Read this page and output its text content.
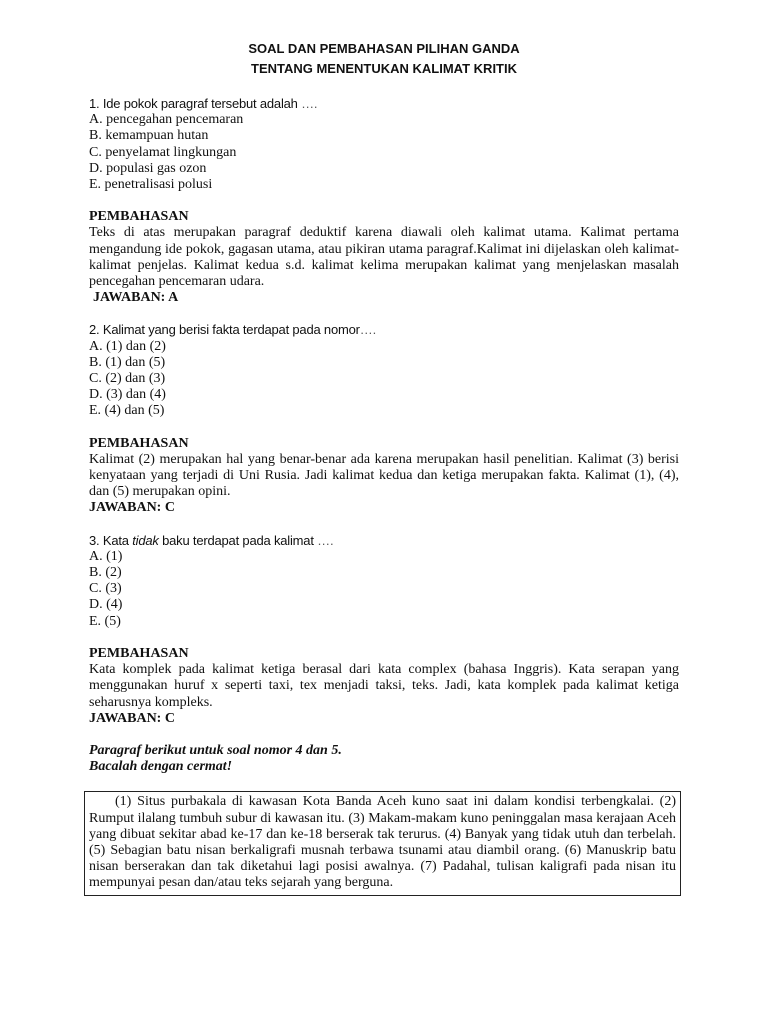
SOAL DAN PEMBAHASAN PILIHAN GANDA
TENTANG MENENTUKAN KALIMAT KRITIK

1. Ide pokok paragraf tersebut adalah ….

A. pencegahan pencemaran

B. kemampuan hutan

C. penyelamat lingkungan

D. populasi gas ozon

E. penetralisasi polusi

PEMBAHASAN

Teks di atas merupakan paragraf deduktif karena diawali oleh kalimat utama. Kalimat pertama mengandung ide pokok, gagasan utama, atau pikiran utama paragraf.Kalimat ini dijelaskan oleh kalimat-kalimat penjelas. Kalimat kedua s.d. kalimat kelima merupakan kalimat yang menjelaskan masalah pencegahan pencemaran udara.

JAWABAN: A

2. Kalimat yang berisi fakta terdapat pada nomor….

A. (1) dan (2)

B. (1) dan (5)

C. (2) dan (3)

D. (3) dan (4)

E. (4) dan (5)

PEMBAHASAN

Kalimat (2) merupakan hal yang benar-benar ada karena merupakan hasil penelitian. Kalimat (3) berisi kenyataan yang terjadi di Uni Rusia. Jadi kalimat kedua dan ketiga merupakan fakta. Kalimat (1), (4), dan (5) merupakan opini.

JAWABAN: C

3. Kata tidak baku terdapat pada kalimat ….

A. (1)

B. (2)

C. (3)

D. (4)

E. (5)

PEMBAHASAN

Kata komplek pada kalimat ketiga berasal dari kata complex (bahasa Inggris). Kata serapan yang menggunakan huruf x seperti taxi, tex menjadi taksi, teks. Jadi, kata komplek pada kalimat ketiga seharusnya kompleks.

JAWABAN: C

Paragraf berikut untuk soal nomor 4 dan 5.

Bacalah dengan cermat!

(1) Situs purbakala di kawasan Kota Banda Aceh kuno saat ini dalam kondisi terbengkalai. (2) Rumput ilalang tumbuh subur di kawasan itu. (3) Makam-makam kuno peninggalan masa kerajaan Aceh yang dibuat sekitar abad ke-17 dan ke-18 berserak tak terurus. (4) Banyak yang tidak utuh dan terbelah. (5) Sebagian batu nisan berkaligrafi musnah terbawa tsunami atau diambil orang. (6) Manuskrip batu nisan berserakan dan tak diketahui lagi posisi awalnya. (7) Padahal, tulisan kaligrafi pada nisan itu mempunyai pesan dan/atau teks sejarah yang berguna.
